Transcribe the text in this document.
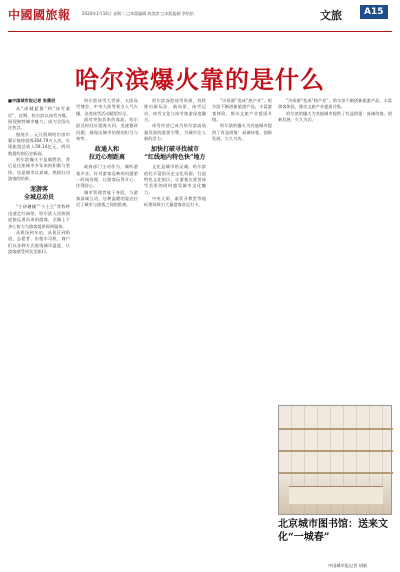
中國國旅報	2024年1月16日 星期二 □本版编辑 何滨滨 □本版监制 李怡怡	文旅	A15
哈尔滨爆火靠的是什么
■中国城市报记者 张晨辰

从“冰城夏都”到“冰雪童话”，近期，哈尔滨以冰雪为媒，展现独特城市魅力，成为全国关注焦点。

据统计，元旦假期哈尔滨市累计接待游客304.79万人次，实现旅游总收入59.14亿元，两项数据均创历史新高。

哈尔滨爆火不是偶然的，背后是这座城市多年来的积累与坚持，也是城市以真诚、热情打动游客的结果。

宠游客
全城总动员

“小砂糖橘”“小土豆”等称呼迅速走红网络，哈尔滨人用热情迎接远道而来的游客，全城上下齐心协力为游客提供周到服务。

从机场到车站，从景区到街道，志愿者、出租车司机、商户们以各种方式展现城市温度，让游客感受到宾至如归。

哈尔滨冰雪大世界、太阳岛雪博会、中央大街等景点人气火爆，各类冰雪活动精彩纷呈。

面对突如其来的客流，哈尔滨及时回应游客关切，迅速整改问题，展现出城市治理的担当与效率。

政通人和
拉近心理距离

政府部门主动作为，倾听游客声音，针对游客反映的问题第一时间处理，让游客玩得开心、住得舒心。

城市管理者放下身段，与游客真诚互动，这种温暖的姿态拉近了城市与游客之间的距离。

哈尔滨深挖冰雪资源，持续推出新玩法、新场景，冰雪运动、冰雪文化与冰雪旅游深度融合。

冰雪经济已成为哈尔滨高质量发展的重要引擎，为城市注入新的活力。

加快打破寻找城市
“红线地内特色快”地方

文化是城市的灵魂。哈尔滨依托丰富的历史文化资源，打造特色文化街区，让游客在欣赏冰雪美景的同时感受城市文化魅力。

中央大街、索菲亚教堂等地标建筑吸引大量游客驻足打卡。

“冷资源”变成“热产业”，哈尔滨不断创新旅游产品，丰富游客体验，推动文旅产业提质升级。

哈尔滨的爆火为其他城市提供了有益借鉴：真诚待客、创新发展、久久为功。

“冷资源”变成“热产业”，哈尔滨不断创新旅游产品，丰富游客体验，推动文旅产业提质升级。

哈尔滨的爆火为其他城市提供了有益借鉴：真诚待客、创新发展、久久为功。

北京城市图书馆：送来文化“一城春”
中国城市报记者 胡新
